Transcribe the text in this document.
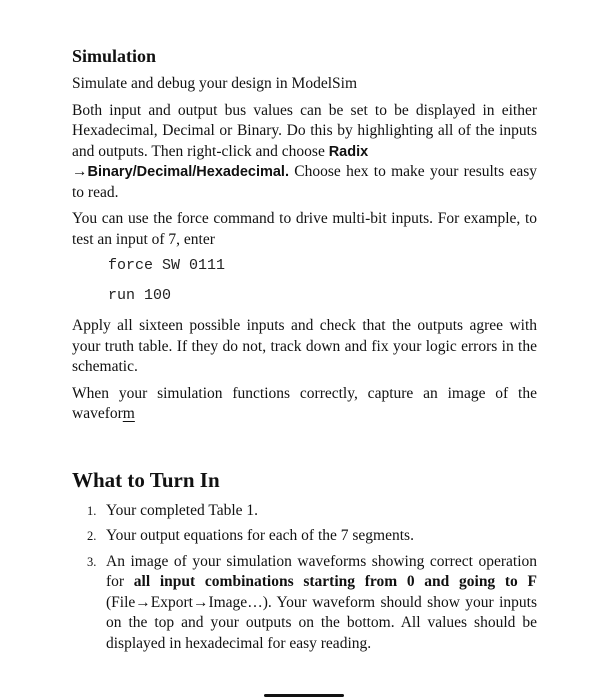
Simulation
Simulate and debug your design in ModelSim
Both input and output bus values can be set to be displayed in either Hexadecimal, Decimal or Binary. Do this by highlighting all of the inputs and outputs. Then right-click and choose Radix
→Binary/Decimal/Hexadecimal. Choose hex to make your results easy to read.
You can use the force command to drive multi-bit inputs. For example, to test an input of 7, enter
force SW 0111
run 100
Apply all sixteen possible inputs and check that the outputs agree with your truth table. If they do not, track down and fix your logic errors in the schematic.
When your simulation functions correctly, capture an image of the waveform
What to Turn In
1. Your completed Table 1.
2. Your output equations for each of the 7 segments.
3. An image of your simulation waveforms showing correct operation for all input combinations starting from 0 and going to F (File→Export→Image…). Your waveform should show your inputs on the top and your outputs on the bottom. All values should be displayed in hexadecimal for easy reading.
